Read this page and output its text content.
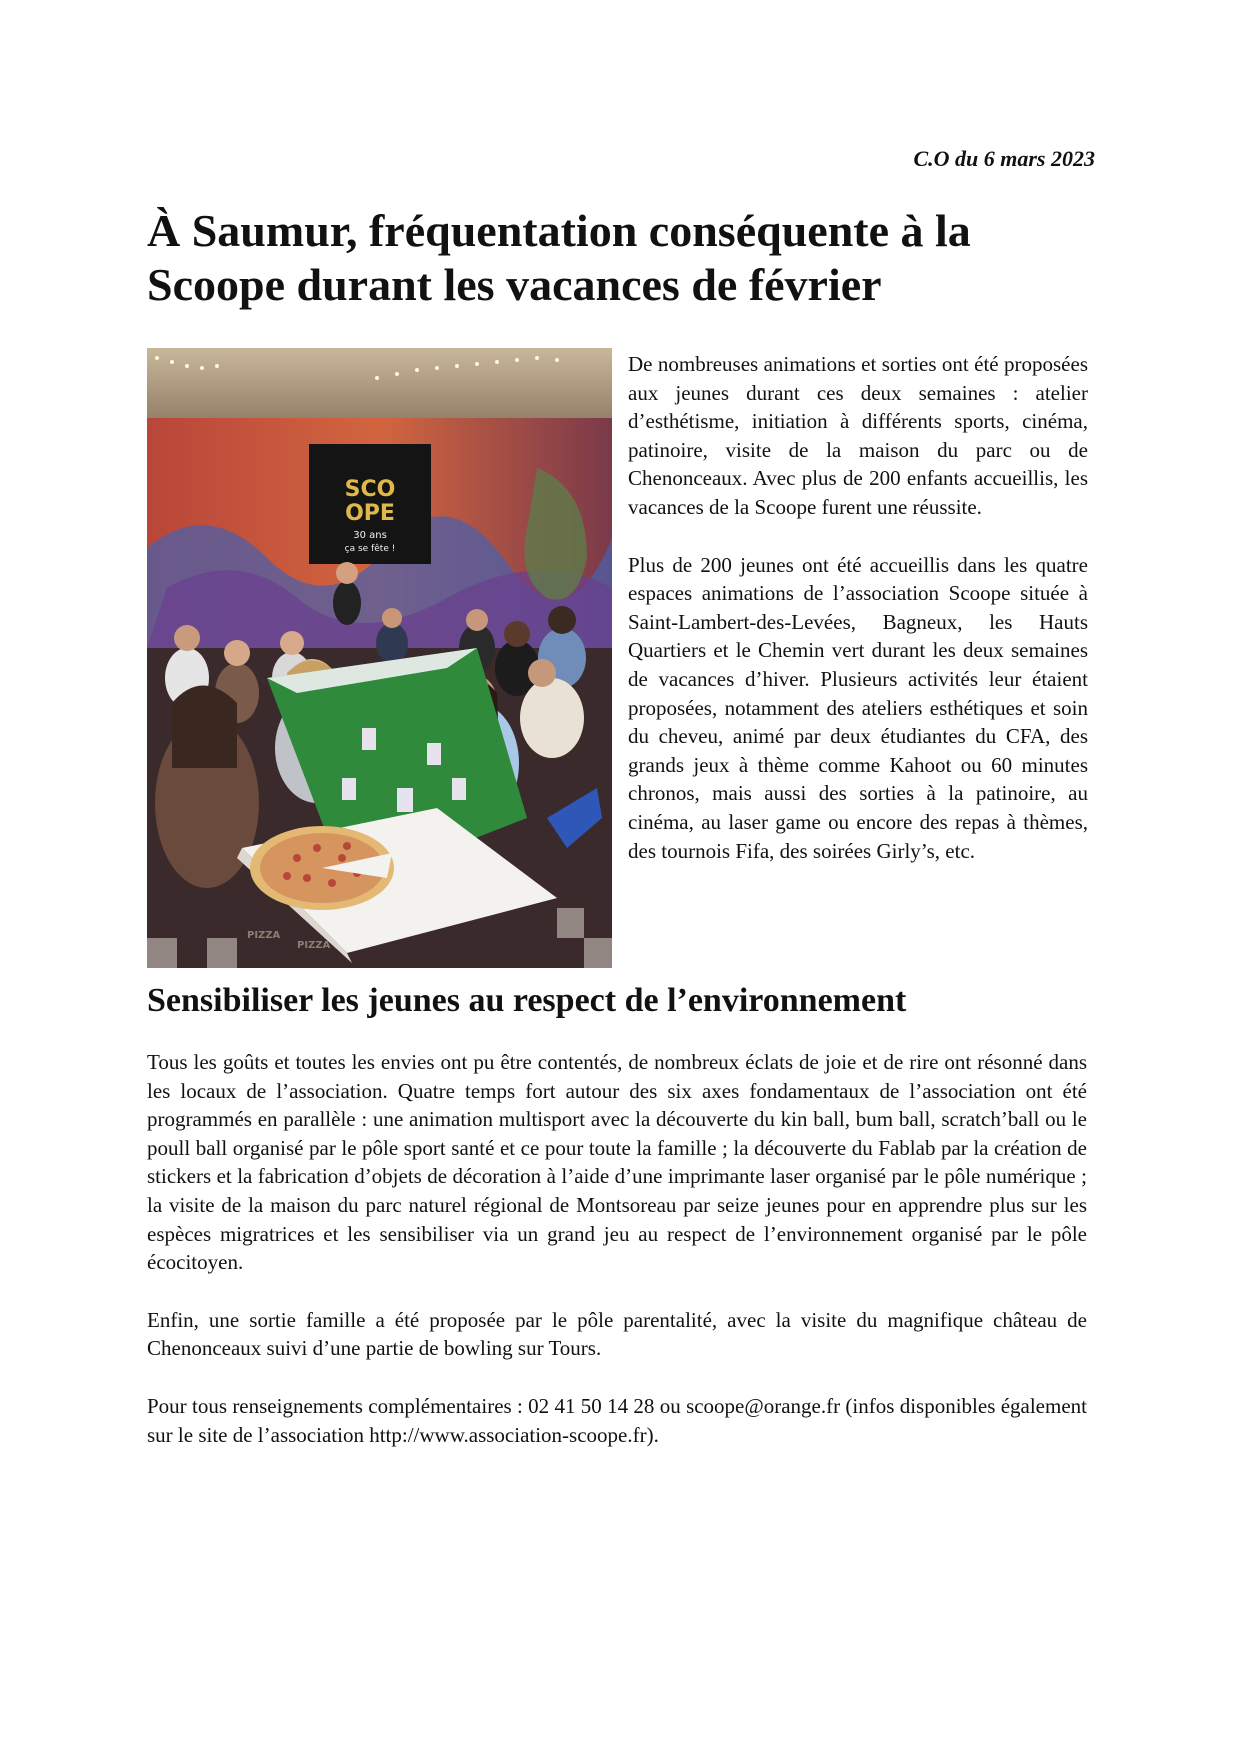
C.O du 6 mars 2023
À Saumur, fréquentation conséquente à la Scoope durant les vacances de février
SCO
OPE
30 ans
ça se fête !
PIZZA
PIZZA

De nombreuses animations et sorties ont été proposées aux jeunes durant ces deux semaines : atelier d’esthétisme, initiation à différents sports, cinéma, patinoire, visite de la maison du parc ou de Chenonceaux. Avec plus de 200 enfants accueillis, les vacances de la Scoope furent une réussite.

Plus de 200 jeunes ont été accueillis dans les quatre espaces animations de l’association Scoope située à Saint-Lambert-des-Levées, Bagneux, les Hauts Quartiers et le Chemin vert durant les deux semaines de vacances d’hiver. Plusieurs activités leur étaient proposées, notamment des ateliers esthétiques et soin du cheveu, animé par deux étudiantes du CFA, des grands jeux à thème comme Kahoot ou 60 minutes chronos, mais aussi des sorties à la patinoire, au cinéma, au laser game ou encore des repas à thèmes, des tournois Fifa, des soirées Girly’s, etc.

Sensibiliser les jeunes au respect de l’environnement

Tous les goûts et toutes les envies ont pu être contentés, de nombreux éclats de joie et de rire ont résonné dans les locaux de l’association. Quatre temps fort autour des six axes fondamentaux de l’association ont été programmés en parallèle : une animation multisport avec la découverte du kin ball, bum ball, scratch’ball ou le poull ball organisé par le pôle sport santé et ce pour toute la famille ; la découverte du Fablab par la création de stickers et la fabrication d’objets de décoration à l’aide d’une imprimante laser organisé par le pôle numérique ; la visite de la maison du parc naturel régional de Montsoreau par seize jeunes pour en apprendre plus sur les espèces migratrices et les sensibiliser via un grand jeu au respect de l’environnement organisé par le pôle écocitoyen.

Enfin, une sortie famille a été proposée par le pôle parentalité, avec la visite du magnifique château de Chenonceaux suivi d’une partie de bowling sur Tours.

Pour tous renseignements complémentaires : 02 41 50 14 28 ou scoope@orange.fr (infos disponibles également sur le site de l’association http://www.association-scoope.fr).
